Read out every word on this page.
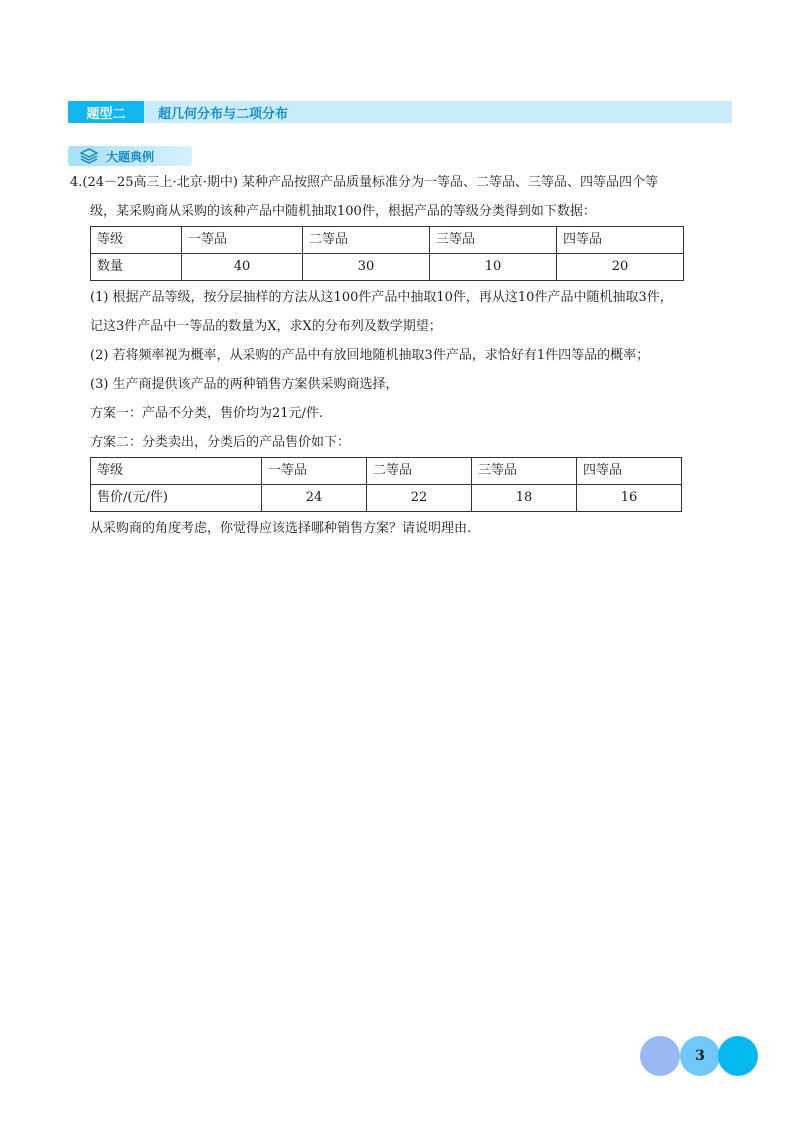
题型二	超几何分布与二项分布
大题典例

4.(24－25高三上·北京·期中) 某种产品按照产品质量标准分为一等品、二等品、三等品、四等品四个等

级，某采购商从采购的该种产品中随机抽取100件，根据产品的等级分类得到如下数据：

等级	一等品	二等品	三等品	四等品
数量	40	30	10	20

(1) 根据产品等级，按分层抽样的方法从这100件产品中抽取10件，再从这10件产品中随机抽取3件，

记这3件产品中一等品的数量为X，求X的分布列及数学期望；

(2) 若将频率视为概率，从采购的产品中有放回地随机抽取3件产品，求恰好有1件四等品的概率；

(3) 生产商提供该产品的两种销售方案供采购商选择，

方案一：产品不分类，售价均为21元/件.

方案二：分类卖出，分类后的产品售价如下：

等级	一等品	二等品	三等品	四等品
售价/(元/件)	24	22	18	16

从采购商的角度考虑，你觉得应该选择哪种销售方案？请说明理由.

3
